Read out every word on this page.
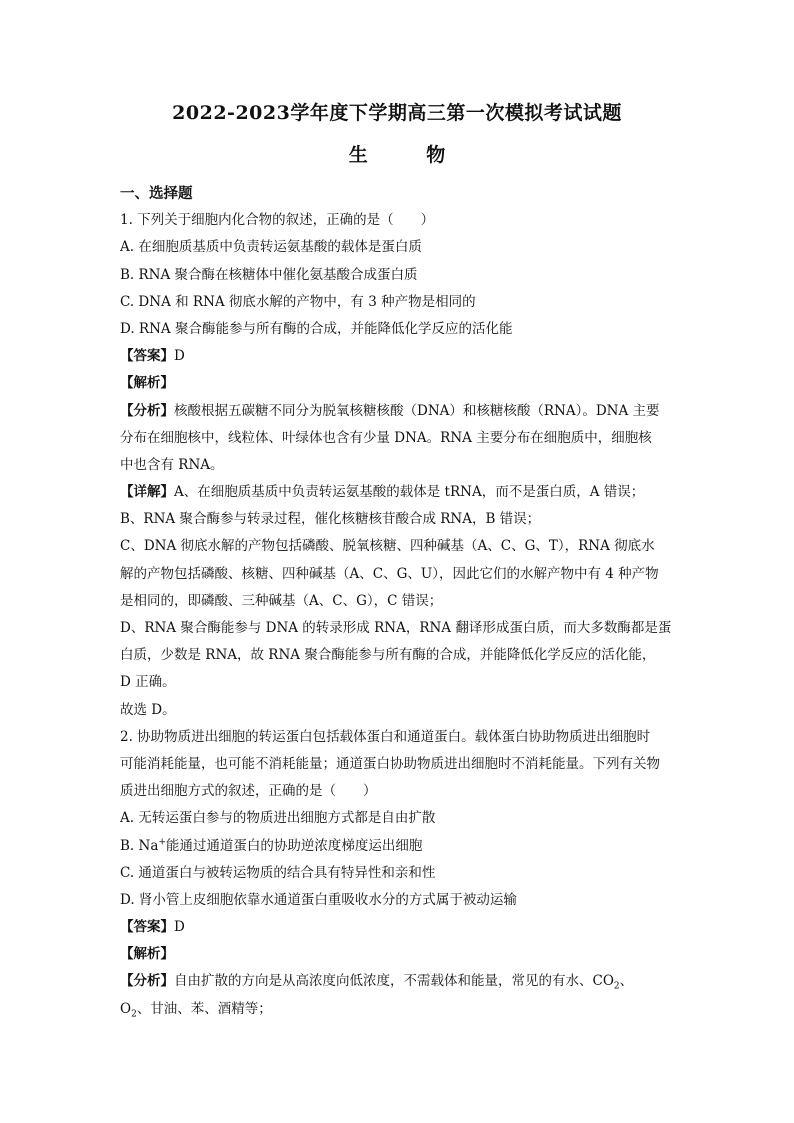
2022-2023学年度下学期高三第一次模拟考试试题
生 物
一、选择题
1. 下列关于细胞内化合物的叙述，正确的是（　　）
A. 在细胞质基质中负责转运氨基酸的载体是蛋白质
B. RNA 聚合酶在核糖体中催化氨基酸合成蛋白质
C. DNA 和 RNA 彻底水解的产物中，有 3 种产物是相同的
D. RNA 聚合酶能参与所有酶的合成，并能降低化学反应的活化能
【答案】D
【解析】
【分析】核酸根据五碳糖不同分为脱氧核糖核酸（DNA）和核糖核酸（RNA）。DNA 主要
分布在细胞核中，线粒体、叶绿体也含有少量 DNA。RNA 主要分布在细胞质中，细胞核
中也含有 RNA。
【详解】A、在细胞质基质中负责转运氨基酸的载体是 tRNA，而不是蛋白质，A 错误；
B、RNA 聚合酶参与转录过程，催化核糖核苷酸合成 RNA，B 错误；
C、DNA 彻底水解的产物包括磷酸、脱氧核糖、四种碱基（A、C、G、T），RNA 彻底水
解的产物包括磷酸、核糖、四种碱基（A、C、G、U），因此它们的水解产物中有 4 种产物
是相同的，即磷酸、三种碱基（A、C、G），C 错误；
D、RNA 聚合酶能参与 DNA 的转录形成 RNA，RNA 翻译形成蛋白质，而大多数酶都是蛋
白质，少数是 RNA，故 RNA 聚合酶能参与所有酶的合成，并能降低化学反应的活化能，
D 正确。
故选 D。
2. 协助物质进出细胞的转运蛋白包括载体蛋白和通道蛋白。载体蛋白协助物质进出细胞时
可能消耗能量，也可能不消耗能量；通道蛋白协助物质进出细胞时不消耗能量。下列有关物
质进出细胞方式的叙述，正确的是（　　）
A. 无转运蛋白参与的物质进出细胞方式都是自由扩散
B. Na+能通过通道蛋白的协助逆浓度梯度运出细胞
C. 通道蛋白与被转运物质的结合具有特异性和亲和性
D. 肾小管上皮细胞依靠水通道蛋白重吸收水分的方式属于被动运输
【答案】D
【解析】
【分析】自由扩散的方向是从高浓度向低浓度，不需载体和能量，常见的有水、$CO_2$、
$O_2$、甘油、苯、酒精等；
